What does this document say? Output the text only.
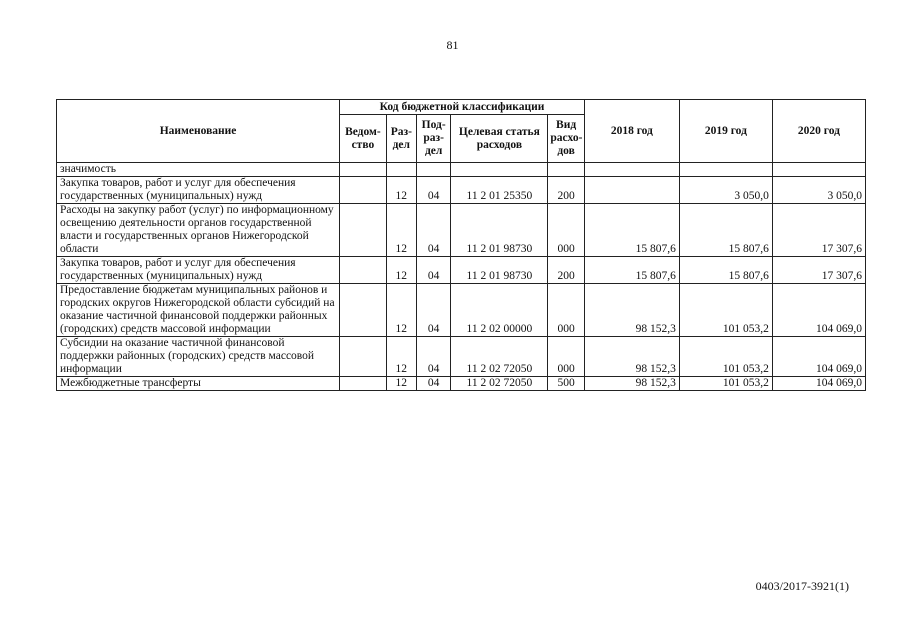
81
Наименование	Код бюджетной классификации					2018 год	2019 год	2020 год
	Ведом-ство	Раз-дел	Под-раз-дел	Целевая статья расходов	Вид расхо-дов			
значимость								
Закупка товаров, работ и услуг для обеспечения государственных (муниципальных) нужд		12	04	11 2 01 25350	200		3 050,0	3 050,0
Расходы на закупку работ (услуг) по информационному освещению деятельности органов государственной власти и государственных органов Нижегородской области		12	04	11 2 01 98730	000	15 807,6	15 807,6	17 307,6
Закупка товаров, работ и услуг для обеспечения государственных (муниципальных) нужд		12	04	11 2 01 98730	200	15 807,6	15 807,6	17 307,6
Предоставление бюджетам муниципальных районов и городских округов Нижегородской области субсидий на оказание частичной финансовой поддержки районных (городских) средств массовой информации		12	04	11 2 02 00000	000	98 152,3	101 053,2	104 069,0
Субсидии на оказание частичной финансовой поддержки районных (городских) средств массовой информации		12	04	11 2 02 72050	000	98 152,3	101 053,2	104 069,0
Межбюджетные трансферты		12	04	11 2 02 72050	500	98 152,3	101 053,2	104 069,0
0403/2017-3921(1)
